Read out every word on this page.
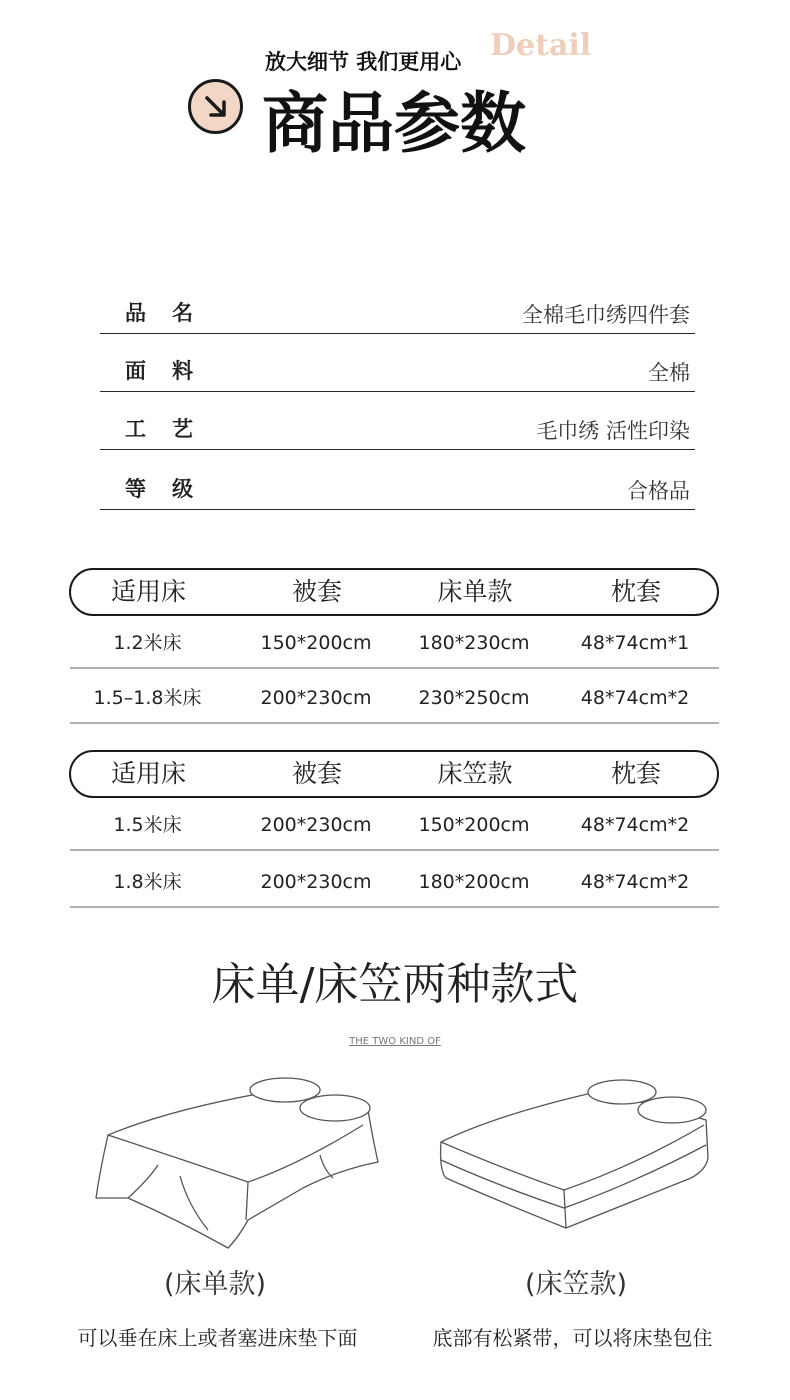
放大细节 我们更用心 Detail
商品参数
品名	全棉毛巾绣四件套
面料	全棉
工艺	毛巾绣 活性印染
等级	合格品
适用床	被套	床单款	枕套
1.2米床	150*200cm	180*230cm	48*74cm*1
1.5–1.8米床	200*230cm	230*250cm	48*74cm*2
适用床	被套	床笠款	枕套
1.5米床	200*230cm	150*200cm	48*74cm*2
1.8米床	200*230cm	180*200cm	48*74cm*2
床单/床笠两种款式
THE TWO KIND OF
(床单款)	(床笠款)
可以垂在床上或者塞进床垫下面	底部有松紧带，可以将床垫包住
